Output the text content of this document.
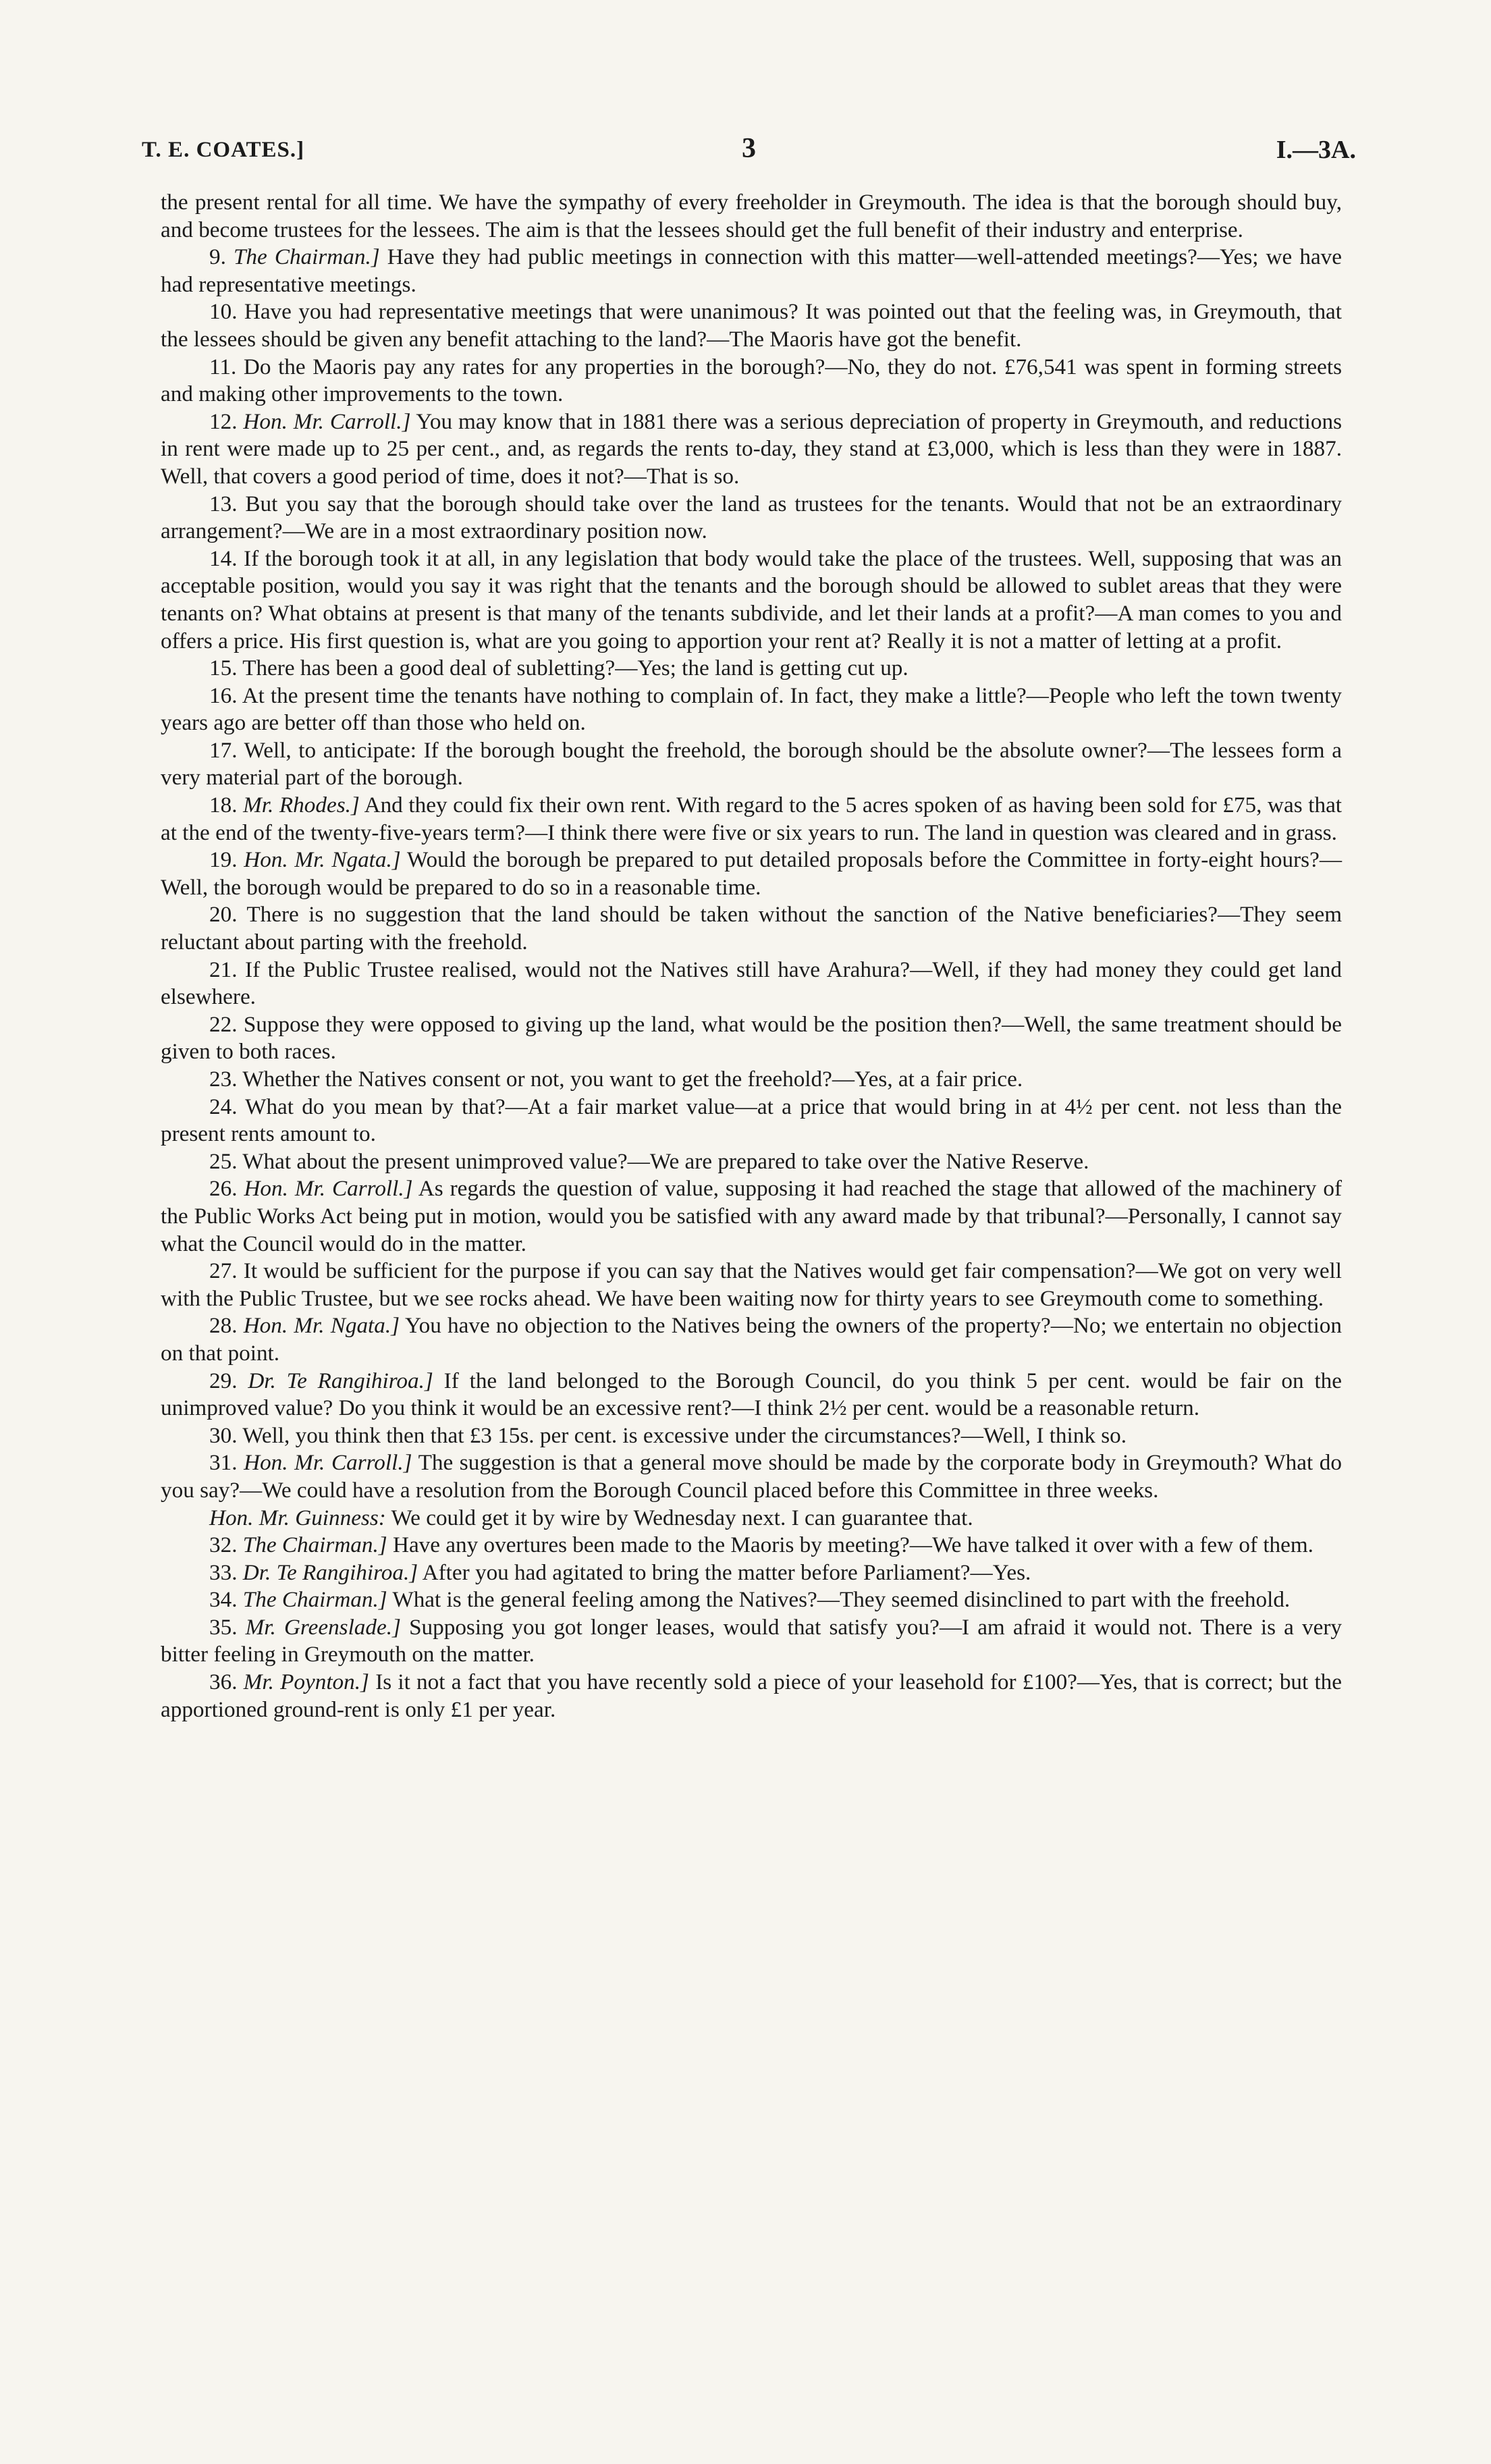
T. E. COATES.]	3	I.—3A.

the present rental for all time. We have the sympathy of every freeholder in Greymouth. The idea is that the borough should buy, and become trustees for the lessees. The aim is that the lessees should get the full benefit of their industry and enterprise.

9. The Chairman.] Have they had public meetings in connection with this matter—well-attended meetings?—Yes; we have had representative meetings.

10. Have you had representative meetings that were unanimous? It was pointed out that the feeling was, in Greymouth, that the lessees should be given any benefit attaching to the land?—The Maoris have got the benefit.

11. Do the Maoris pay any rates for any properties in the borough?—No, they do not. £76,541 was spent in forming streets and making other improvements to the town.

12. Hon. Mr. Carroll.] You may know that in 1881 there was a serious depreciation of property in Greymouth, and reductions in rent were made up to 25 per cent., and, as regards the rents to-day, they stand at £3,000, which is less than they were in 1887. Well, that covers a good period of time, does it not?—That is so.

13. But you say that the borough should take over the land as trustees for the tenants. Would that not be an extraordinary arrangement?—We are in a most extraordinary position now.

14. If the borough took it at all, in any legislation that body would take the place of the trustees. Well, supposing that was an acceptable position, would you say it was right that the tenants and the borough should be allowed to sublet areas that they were tenants on? What obtains at present is that many of the tenants subdivide, and let their lands at a profit?—A man comes to you and offers a price. His first question is, what are you going to apportion your rent at? Really it is not a matter of letting at a profit.

15. There has been a good deal of subletting?—Yes; the land is getting cut up.

16. At the present time the tenants have nothing to complain of. In fact, they make a little?—People who left the town twenty years ago are better off than those who held on.

17. Well, to anticipate: If the borough bought the freehold, the borough should be the absolute owner?—The lessees form a very material part of the borough.

18. Mr. Rhodes.] And they could fix their own rent. With regard to the 5 acres spoken of as having been sold for £75, was that at the end of the twenty-five-years term?—I think there were five or six years to run. The land in question was cleared and in grass.

19. Hon. Mr. Ngata.] Would the borough be prepared to put detailed proposals before the Committee in forty-eight hours?—Well, the borough would be prepared to do so in a reasonable time.

20. There is no suggestion that the land should be taken without the sanction of the Native beneficiaries?—They seem reluctant about parting with the freehold.

21. If the Public Trustee realised, would not the Natives still have Arahura?—Well, if they had money they could get land elsewhere.

22. Suppose they were opposed to giving up the land, what would be the position then?—Well, the same treatment should be given to both races.

23. Whether the Natives consent or not, you want to get the freehold?—Yes, at a fair price.

24. What do you mean by that?—At a fair market value—at a price that would bring in at 4½ per cent. not less than the present rents amount to.

25. What about the present unimproved value?—We are prepared to take over the Native Reserve.

26. Hon. Mr. Carroll.] As regards the question of value, supposing it had reached the stage that allowed of the machinery of the Public Works Act being put in motion, would you be satisfied with any award made by that tribunal?—Personally, I cannot say what the Council would do in the matter.

27. It would be sufficient for the purpose if you can say that the Natives would get fair compensation?—We got on very well with the Public Trustee, but we see rocks ahead. We have been waiting now for thirty years to see Greymouth come to something.

28. Hon. Mr. Ngata.] You have no objection to the Natives being the owners of the property?—No; we entertain no objection on that point.

29. Dr. Te Rangihiroa.] If the land belonged to the Borough Council, do you think 5 per cent. would be fair on the unimproved value? Do you think it would be an excessive rent?—I think 2½ per cent. would be a reasonable return.

30. Well, you think then that £3 15s. per cent. is excessive under the circumstances?—Well, I think so.

31. Hon. Mr. Carroll.] The suggestion is that a general move should be made by the corporate body in Greymouth? What do you say?—We could have a resolution from the Borough Council placed before this Committee in three weeks.

Hon. Mr. Guinness: We could get it by wire by Wednesday next. I can guarantee that.

32. The Chairman.] Have any overtures been made to the Maoris by meeting?—We have talked it over with a few of them.

33. Dr. Te Rangihiroa.] After you had agitated to bring the matter before Parliament?—Yes.

34. The Chairman.] What is the general feeling among the Natives?—They seemed disinclined to part with the freehold.

35. Mr. Greenslade.] Supposing you got longer leases, would that satisfy you?—I am afraid it would not. There is a very bitter feeling in Greymouth on the matter.

36. Mr. Poynton.] Is it not a fact that you have recently sold a piece of your leasehold for £100?—Yes, that is correct; but the apportioned ground-rent is only £1 per year.
